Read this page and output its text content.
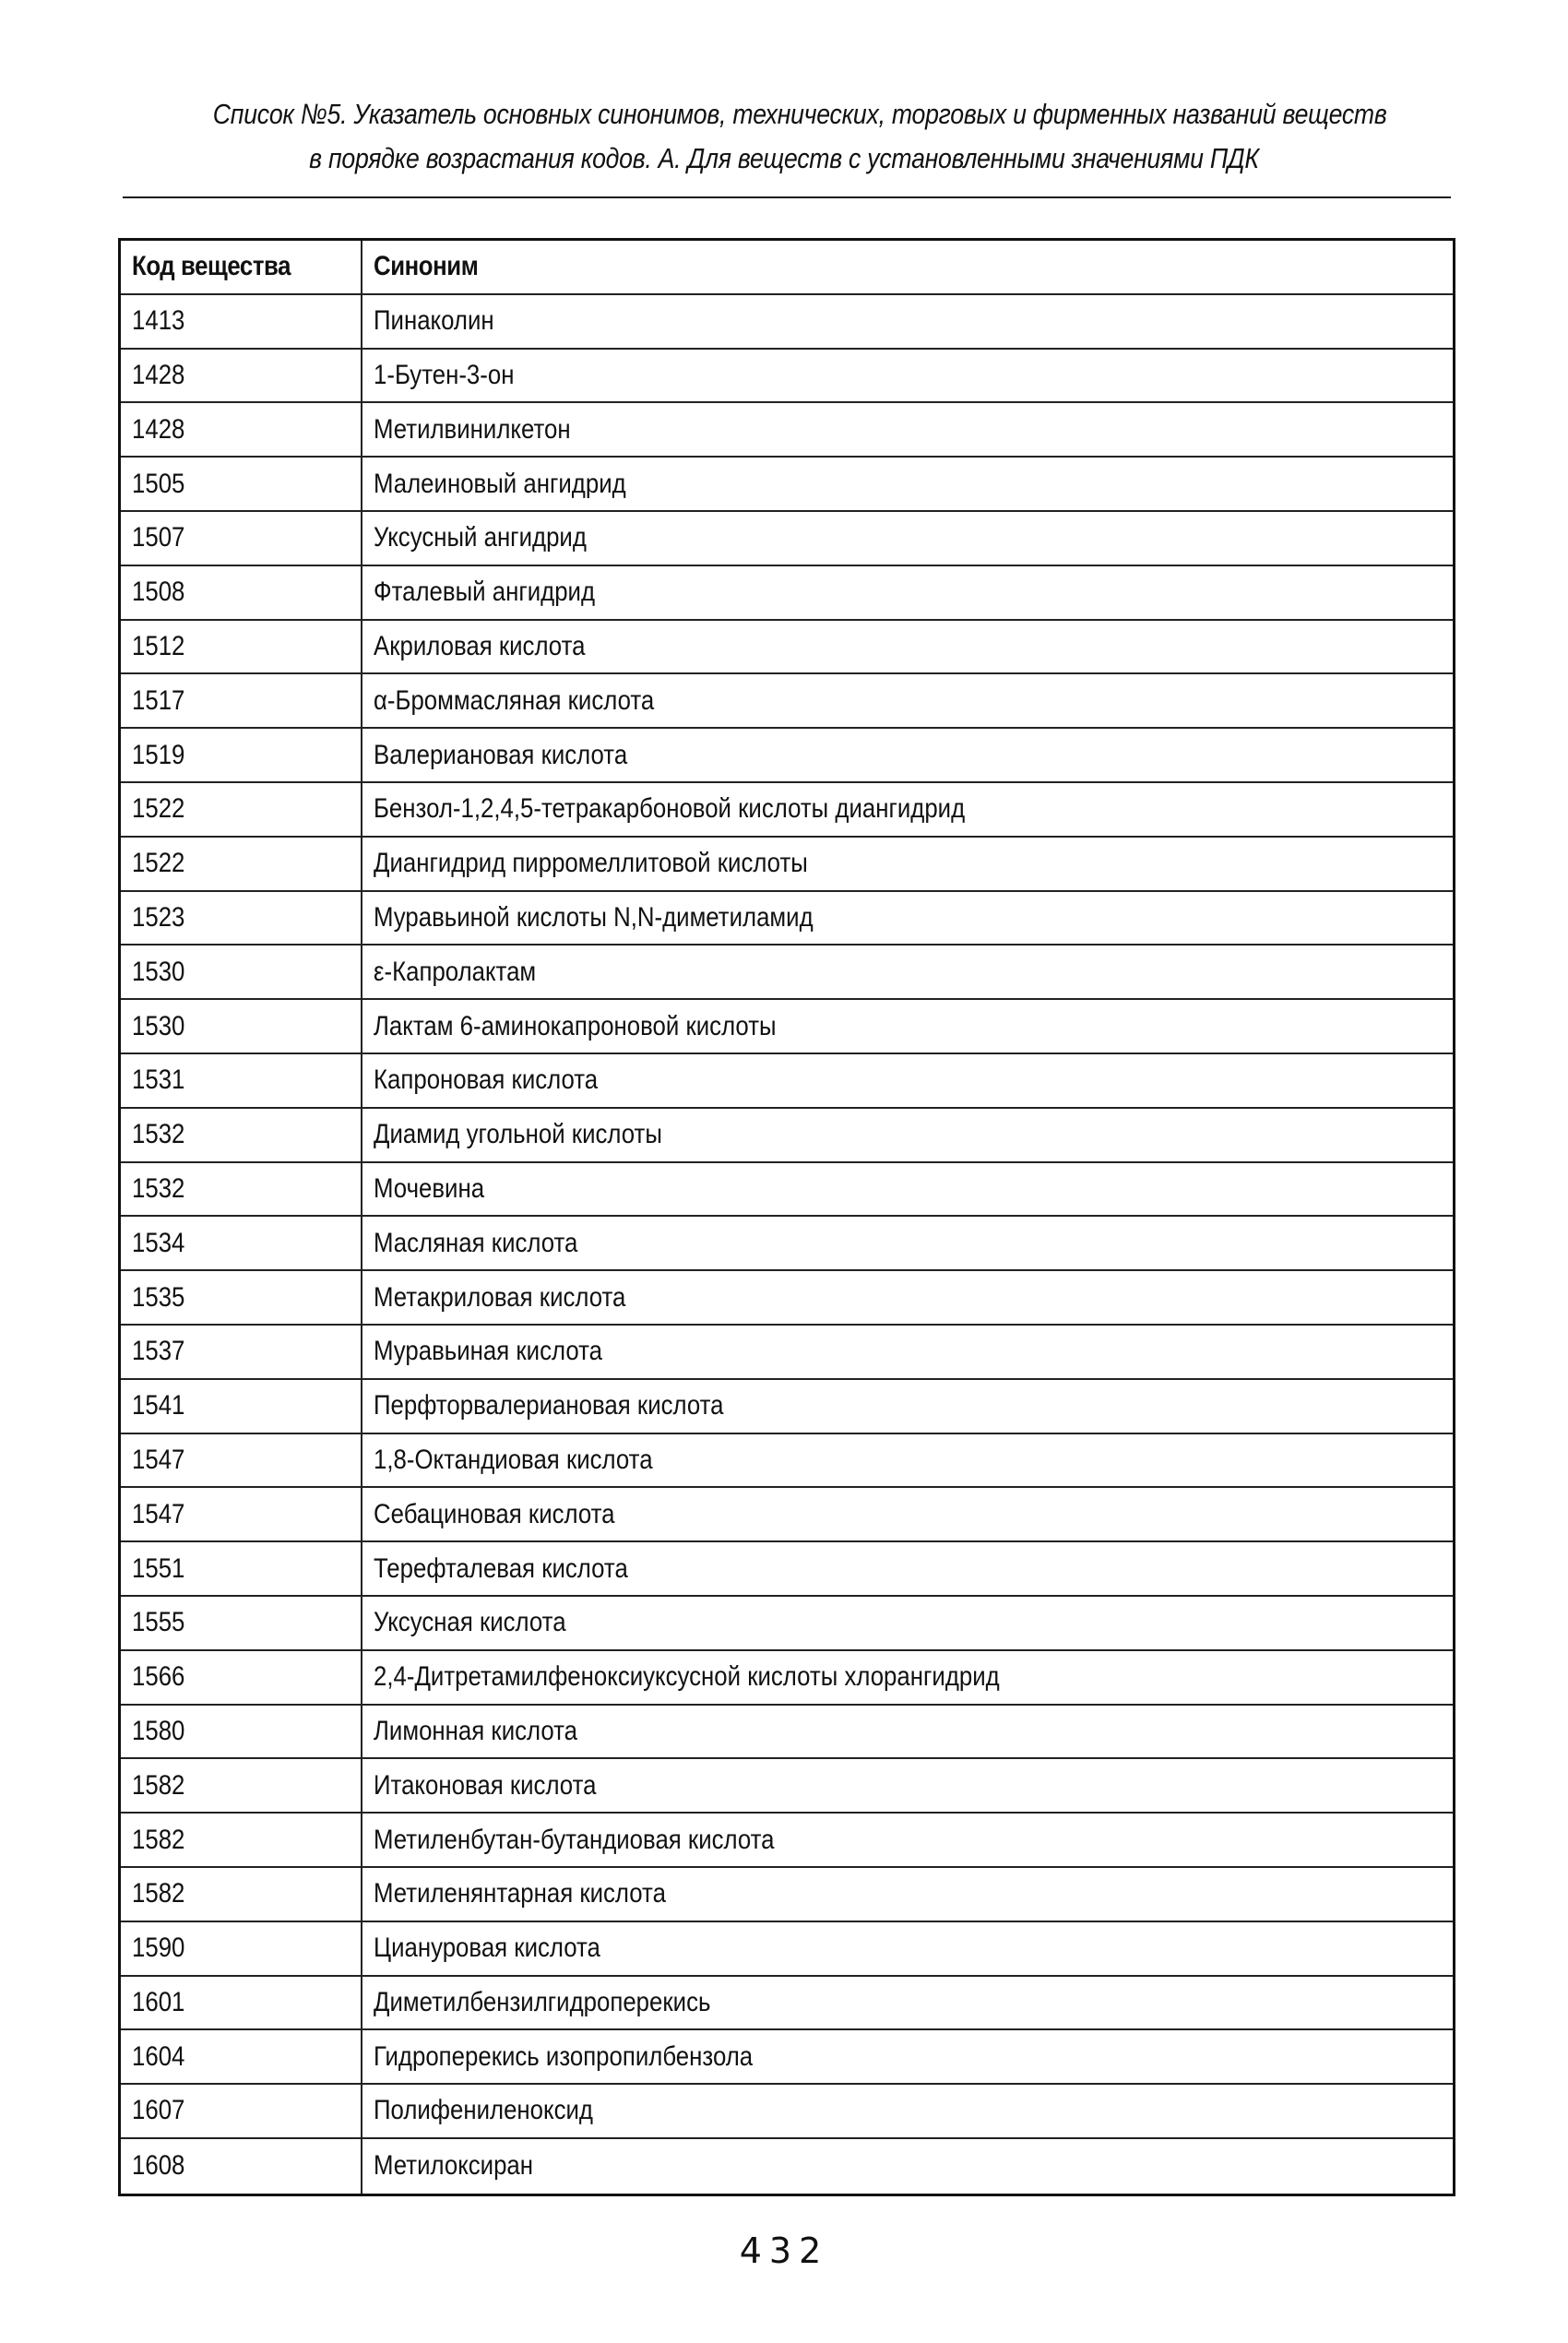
Список №5. Указатель основных синонимов, технических, торговых и фирменных названий веществ
в порядке возрастания кодов. А. Для веществ с установленными значениями ПДК
Код вещества	Синоним
1413	Пинаколин
1428	1-Бутен-3-он
1428	Метилвинилкетон
1505	Малеиновый ангидрид
1507	Уксусный ангидрид
1508	Фталевый ангидрид
1512	Акриловая кислота
1517	α-Броммасляная кислота
1519	Валериановая кислота
1522	Бензол-1,2,4,5-тетракарбоновой кислоты диангидрид
1522	Диангидрид пирромеллитовой кислоты
1523	Муравьиной кислоты N,N-диметиламид
1530	ε-Капролактам
1530	Лактам 6-аминокапроновой кислоты
1531	Капроновая кислота
1532	Диамид угольной кислоты
1532	Мочевина
1534	Масляная кислота
1535	Метакриловая кислота
1537	Муравьиная кислота
1541	Перфторвалериановая кислота
1547	1,8-Октандиовая кислота
1547	Себациновая кислота
1551	Терефталевая кислота
1555	Уксусная кислота
1566	2,4-Дитретамилфеноксиуксусной кислоты хлорангидрид
1580	Лимонная кислота
1582	Итаконовая кислота
1582	Метиленбутан-бутандиовая кислота
1582	Метиленянтарная кислота
1590	Циануровая кислота
1601	Диметилбензилгидроперекись
1604	Гидроперекись изопропилбензола
1607	Полифениленоксид
1608	Метилоксиран
432
